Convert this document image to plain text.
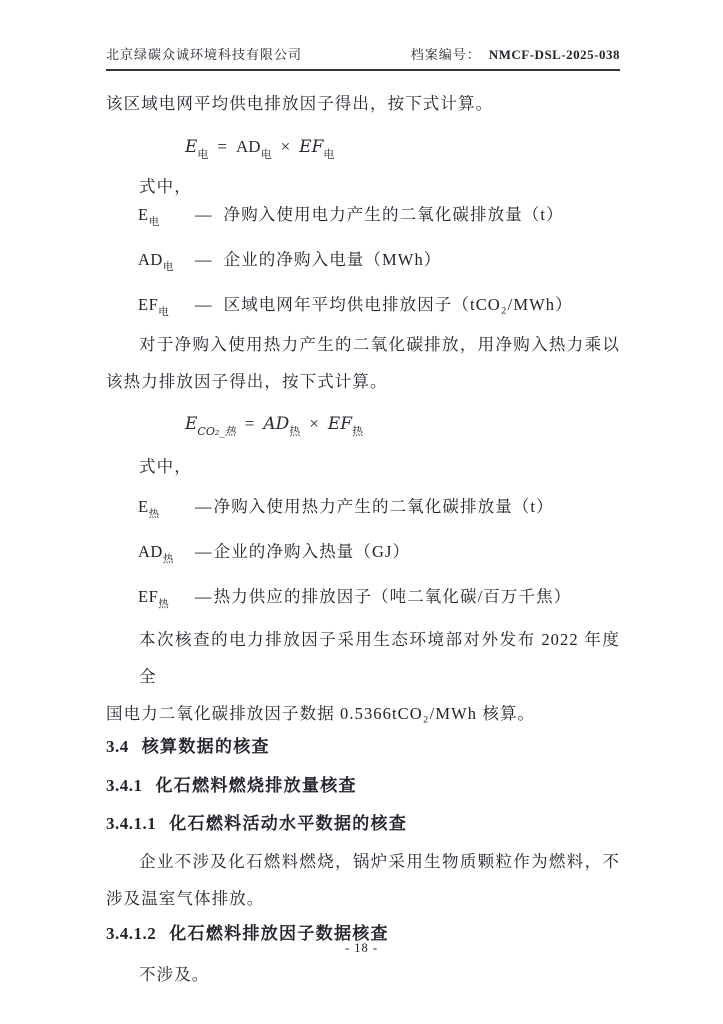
北京绿碳众诚环境科技有限公司	档案编号： NMCF-DSL-2025-038
该区域电网平均供电排放因子得出，按下式计算。
$E_电 = AD_电 \times EF_电$
式中，
$E_电$ — 净购入使用电力产生的二氧化碳排放量（t）
$AD_电$ — 企业的净购入电量（MWh）
$EF_电$ — 区域电网年平均供电排放因子（tCO₂/MWh）
对于净购入使用热力产生的二氧化碳排放，用净购入热力乘以
该热力排放因子得出，按下式计算。
$E_{CO_2\_热} = AD_热 \times EF_热$
式中，
$E_热$ —净购入使用热力产生的二氧化碳排放量（t）
$AD_热$ —企业的净购入热量（GJ）
$EF_热$ —热力供应的排放因子（吨二氧化碳/百万千焦）
本次核查的电力排放因子采用生态环境部对外发布 2022 年度全
国电力二氧化碳排放因子数据 0.5366tCO₂/MWh 核算。
3.4 核算数据的核查
3.4.1 化石燃料燃烧排放量核查
3.4.1.1 化石燃料活动水平数据的核查
企业不涉及化石燃料燃烧，锅炉采用生物质颗粒作为燃料，不
涉及温室气体排放。
3.4.1.2 化石燃料排放因子数据核查
不涉及。
- 18 -
